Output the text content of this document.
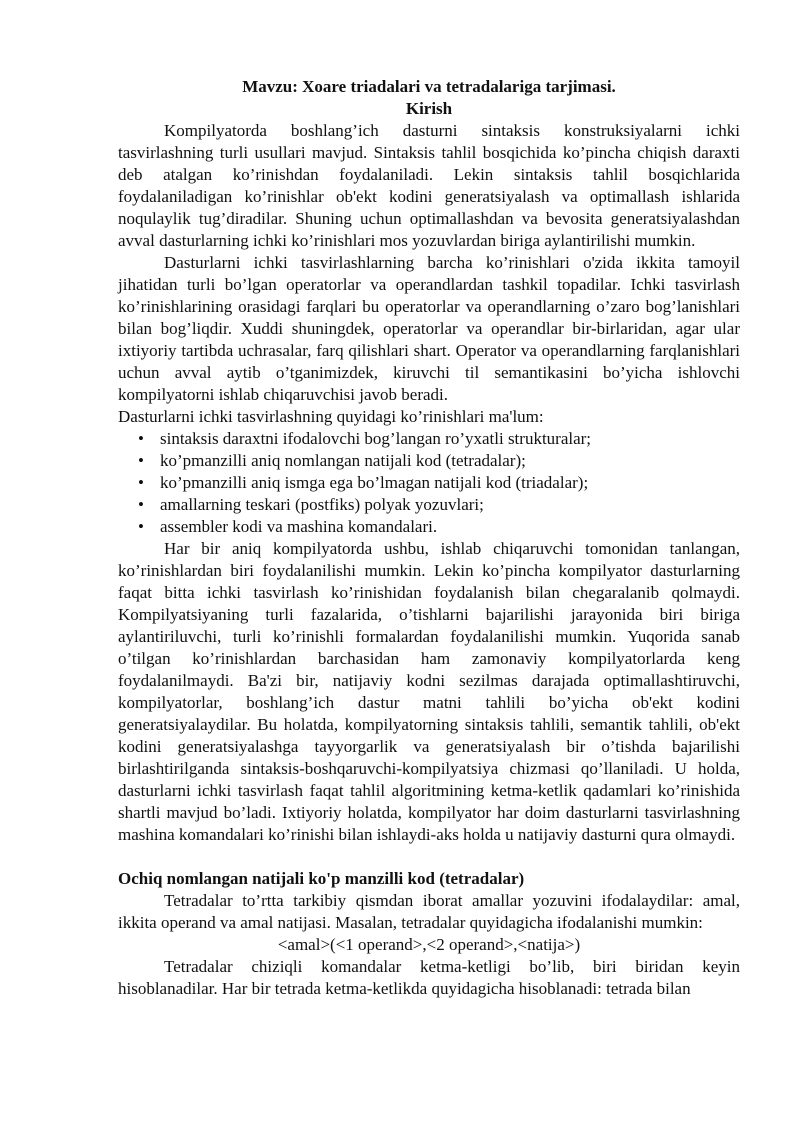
Mavzu: Xoare triadalari va tetradalariga tarjimasi.

Kirish

Kompilyatorda boshlang’ich dasturni sintaksis konstruksiyalarni ichki tasvirlashning turli usullari mavjud. Sintaksis tahlil bosqichida ko’pincha chiqish daraxti deb atalgan ko’rinishdan foydalaniladi. Lekin sintaksis tahlil bosqichlarida foydalaniladigan ko’rinishlar ob'ekt kodini generatsiyalash va optimallash ishlarida noqulaylik tug’diradilar. Shuning uchun optimallashdan va bevosita generatsiyalashdan avval dasturlarning ichki ko’rinishlari mos yozuvlardan biriga aylantirilishi mumkin.

Dasturlarni ichki tasvirlashlarning barcha ko’rinishlari o'zida ikkita tamoyil jihatidan turli bo’lgan operatorlar va operandlardan tashkil topadilar. Ichki tasvirlash ko’rinishlarining orasidagi farqlari bu operatorlar va operandlarning o’zaro bog’lanishlari bilan bog’liqdir. Xuddi shuningdek, operatorlar va operandlar bir-birlaridan, agar ular ixtiyoriy tartibda uchrasalar, farq qilishlari shart. Operator va operandlarning farqlanishlari uchun avval aytib o’tganimizdek, kiruvchi til semantikasini bo’yicha ishlovchi kompilyatorni ishlab chiqaruvchisi javob beradi.

Dasturlarni ichki tasvirlashning quyidagi ko’rinishlari ma'lum:

• sintaksis daraxtni ifodalovchi bog’langan ro’yxatli strukturalar;
• ko’pmanzilli aniq nomlangan natijali kod (tetradalar);
• ko’pmanzilli aniq ismga ega bo’lmagan natijali kod (triadalar);
• amallarning teskari (postfiks) polyak yozuvlari;
• assembler kodi va mashina komandalari.

Har bir aniq kompilyatorda ushbu, ishlab chiqaruvchi tomonidan tanlangan, ko’rinishlardan biri foydalanilishi mumkin. Lekin ko’pincha kompilyator dasturlarning faqat bitta ichki tasvirlash ko’rinishidan foydalanish bilan chegaralanib qolmaydi. Kompilyatsiyaning turli fazalarida, o’tishlarni bajarilishi jarayonida biri biriga aylantiriluvchi, turli ko’rinishli formalardan foydalanilishi mumkin. Yuqorida sanab o’tilgan ko’rinishlardan barchasidan ham zamonaviy kompilyatorlarda keng foydalanilmaydi. Ba'zi bir, natijaviy kodni sezilmas darajada optimallashtiruvchi, kompilyatorlar, boshlang’ich dastur matni tahlili bo’yicha ob'ekt kodini generatsiyalaydilar. Bu holatda, kompilyatorning sintaksis tahlili, semantik tahlili, ob'ekt kodini generatsiyalashga tayyorgarlik va generatsiyalash bir o’tishda bajarilishi birlashtirilganda sintaksis-boshqaruvchi-kompilyatsiya chizmasi qo’llaniladi. U holda, dasturlarni ichki tasvirlash faqat tahlil algoritmining ketma-ketlik qadamlari ko’rinishida shartli mavjud bo’ladi. Ixtiyoriy holatda, kompilyator har doim dasturlarni tasvirlashning mashina komandalari ko’rinishi bilan ishlaydi-aks holda u natijaviy dasturni qura olmaydi.

Ochiq nomlangan natijali ko'p manzilli kod (tetradalar)

Tetradalar to’rtta tarkibiy qismdan iborat amallar yozuvini ifodalaydilar: amal, ikkita operand va amal natijasi. Masalan, tetradalar quyidagicha ifodalanishi mumkin:

<amal>(<1 operand>,<2 operand>,<natija>)

Tetradalar chiziqli komandalar ketma-ketligi bo’lib, biri biridan keyin hisoblanadilar. Har bir tetrada ketma-ketlikda quyidagicha hisoblanadi: tetrada bilan
